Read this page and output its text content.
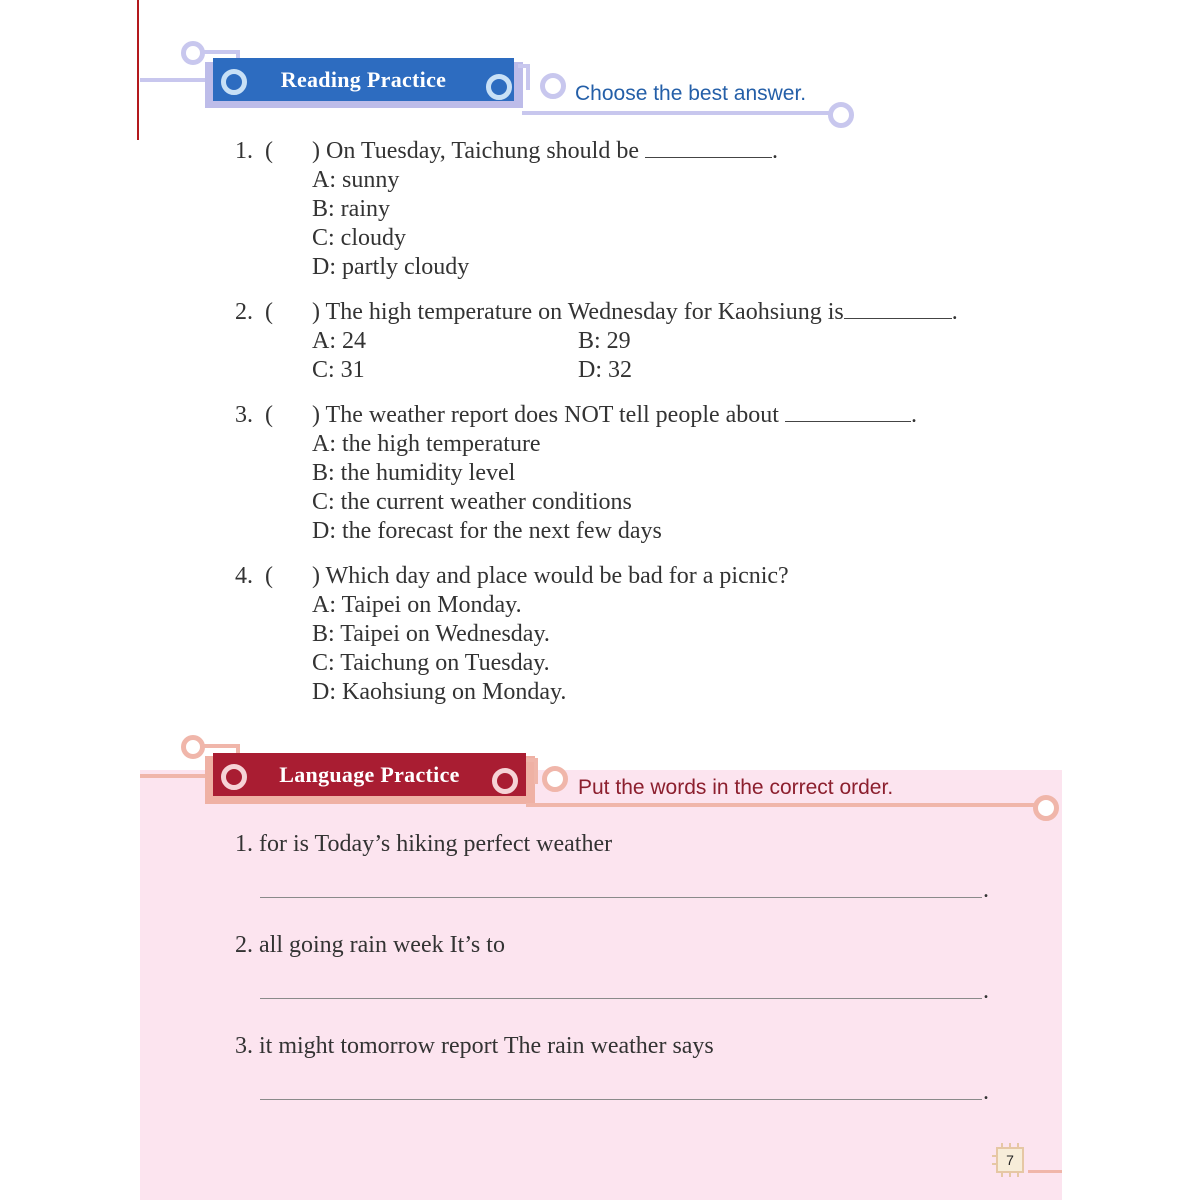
Reading Practice
Choose the best answer.
1. ( ) On Tuesday, Taichung should be	.
A: sunny
B: rainy
C: cloudy
D: partly cloudy
2. ( ) The high temperature on Wednesday for Kaohsiung is	.
A: 24	B: 29
C: 31	D: 32
3. ( ) The weather report does NOT tell people about	.
A: the high temperature
B: the humidity level
C: the current weather conditions
D: the forecast for the next few days
4. ( ) Which day and place would be bad for a picnic?
A: Taipei on Monday.
B: Taipei on Wednesday.
C: Taichung on Tuesday.
D: Kaohsiung on Monday.
Language Practice
Put the words in the correct order.
1. for is Today’s hiking perfect weather
.
2. all going rain week It’s to
.
3. it might tomorrow report The rain weather says
.
7
